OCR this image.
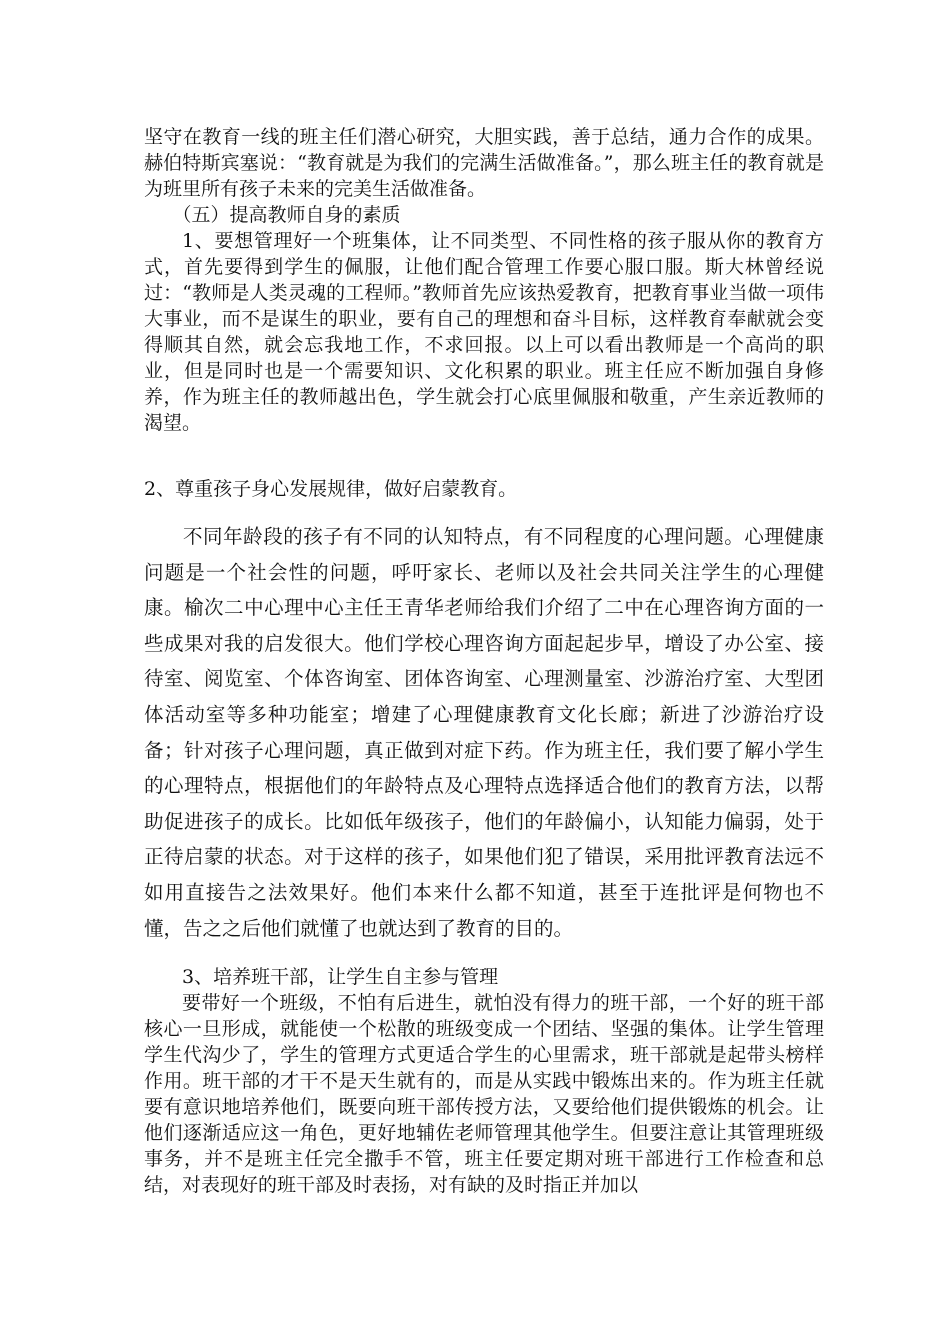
坚守在教育一线的班主任们潜心研究，大胆实践，善于总结，通力合作的成果。赫伯特斯宾塞说：“教育就是为我们的完满生活做准备。”，那么班主任的教育就是为班里所有孩子未来的完美生活做准备。

（五）提高教师自身的素质

1、要想管理好一个班集体，让不同类型、不同性格的孩子服从你的教育方式，首先要得到学生的佩服，让他们配合管理工作要心服口服。斯大林曾经说过：“教师是人类灵魂的工程师。”教师首先应该热爱教育，把教育事业当做一项伟大事业，而不是谋生的职业，要有自己的理想和奋斗目标，这样教育奉献就会变得顺其自然，就会忘我地工作，不求回报。以上可以看出教师是一个高尚的职业，但是同时也是一个需要知识、文化积累的职业。班主任应不断加强自身修养，作为班主任的教师越出色，学生就会打心底里佩服和敬重，产生亲近教师的渴望。

2、尊重孩子身心发展规律，做好启蒙教育。

不同年龄段的孩子有不同的认知特点，有不同程度的心理问题。心理健康问题是一个社会性的问题，呼吁家长、老师以及社会共同关注学生的心理健康。榆次二中心理中心主任王青华老师给我们介绍了二中在心理咨询方面的一些成果对我的启发很大。他们学校心理咨询方面起起步早，增设了办公室、接待室、阅览室、个体咨询室、团体咨询室、心理测量室、沙游治疗室、大型团体活动室等多种功能室；增建了心理健康教育文化长廊；新进了沙游治疗设备；针对孩子心理问题，真正做到对症下药。作为班主任，我们要了解小学生的心理特点，根据他们的年龄特点及心理特点选择适合他们的教育方法，以帮助促进孩子的成长。比如低年级孩子，他们的年龄偏小，认知能力偏弱，处于正待启蒙的状态。对于这样的孩子，如果他们犯了错误，采用批评教育法远不如用直接告之法效果好。他们本来什么都不知道，甚至于连批评是何物也不懂，告之之后他们就懂了也就达到了教育的目的。

3、培养班干部，让学生自主参与管理

要带好一个班级，不怕有后进生，就怕没有得力的班干部，一个好的班干部核心一旦形成，就能使一个松散的班级变成一个团结、坚强的集体。让学生管理学生代沟少了，学生的管理方式更适合学生的心里需求，班干部就是起带头榜样作用。班干部的才干不是天生就有的，而是从实践中锻炼出来的。作为班主任就要有意识地培养他们，既要向班干部传授方法，又要给他们提供锻炼的机会。让他们逐渐适应这一角色，更好地辅佐老师管理其他学生。但要注意让其管理班级事务，并不是班主任完全撒手不管，班主任要定期对班干部进行工作检查和总结，对表现好的班干部及时表扬，对有缺的及时指正并加以
